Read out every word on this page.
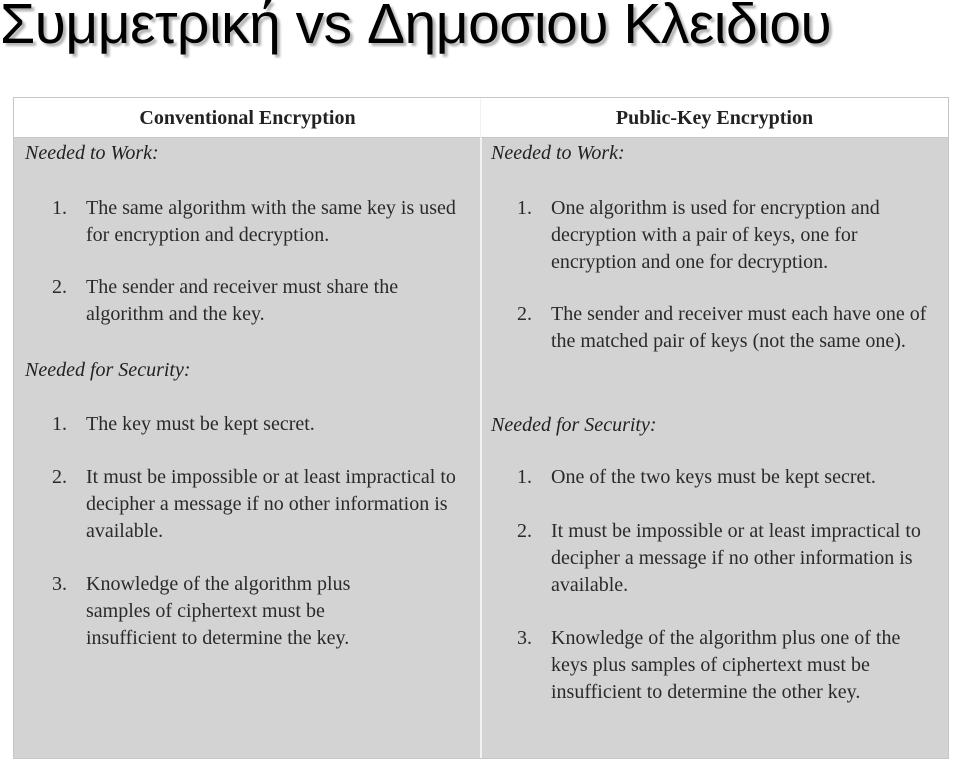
Συμμετρική vs Δημοσιου Κλειδιου
Conventional Encryption
Needed to Work:
1. The same algorithm with the same key is used for encryption and decryption.
2. The sender and receiver must share the algorithm and the key.
Needed for Security:
1. The key must be kept secret.
2. It must be impossible or at least impractical to decipher a message if no other information is available.
3. Knowledge of the algorithm plus samples of ciphertext must be insufficient to determine the key.
Public-Key Encryption
Needed to Work:
1. One algorithm is used for encryption and decryption with a pair of keys, one for encryption and one for decryption.
2. The sender and receiver must each have one of the matched pair of keys (not the same one).
Needed for Security:
1. One of the two keys must be kept secret.
2. It must be impossible or at least impractical to decipher a message if no other information is available.
3. Knowledge of the algorithm plus one of the keys plus samples of ciphertext must be insufficient to determine the other key.
